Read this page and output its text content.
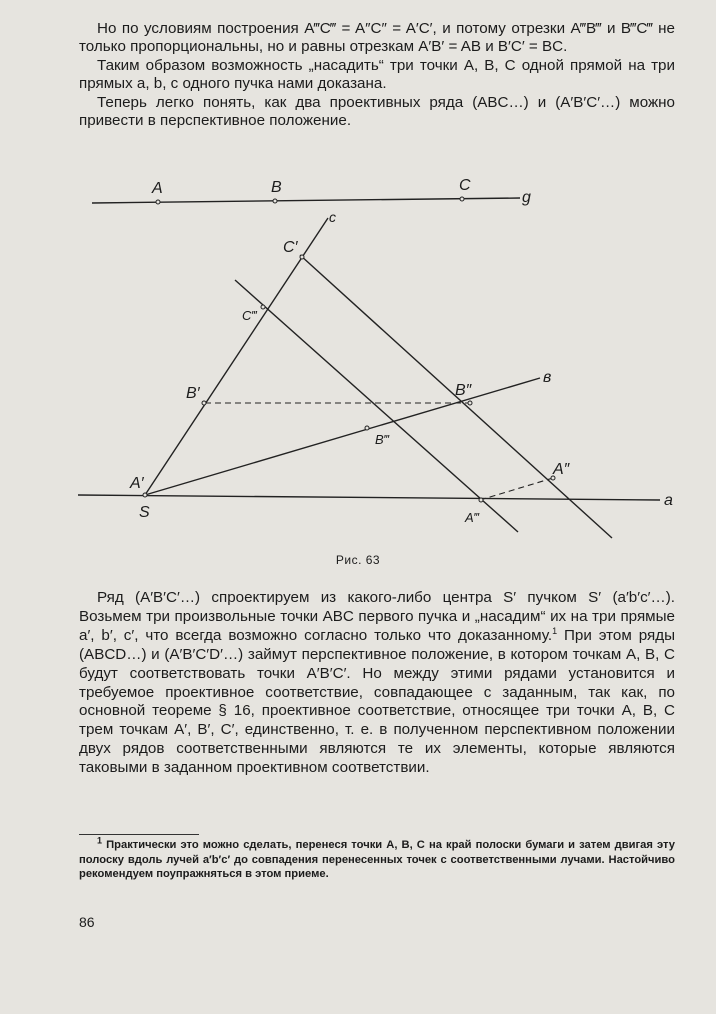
Но по условиям построения A‴C‴ = A″C″ = A′C′, и потому отрезки A‴B‴ и B‴C‴ не только пропорциональны, но и равны отрезкам A′B′ = AB и B′C′ = BC.

Таким образом возможность „насадить“ три точки A, B, C одной прямой на три прямых a, b, c одного пучка нами доказана.

Теперь легко понять, как два проективных ряда (ABC…) и (A′B′C′…) можно привести в перспективное положение.

A	B	C
g
c
C′
C‴
B′	B″
в
B‴
A′
A″
A‴
S
a
Рис. 63

Ряд (A′B′C′…) спроектируем из какого-либо центра S′ пучком S′ (a′b′c′…). Возьмем три произвольные точки ABC первого пучка и „насадим“ их на три прямые a′, b′, c′, что всегда возможно согласно только что доказанному.$^1$ При этом ряды (ABCD…) и (A′B′C′D′…) займут перспективное положение, в котором точкам A, B, C будут соответствовать точки A′B′C′. Но между этими рядами установится и требуемое проективное соответствие, совпадающее с заданным, так как, по основной теореме § 16, проективное соответствие, относящее три точки A, B, C трем точкам A′, B′, C′, единственно, т. е. в полученном перспективном положении двух рядов соответственными являются те их элементы, которые являются таковыми в заданном проективном соответствии.

$^1$ Практически это можно сделать, перенеся точки A, B, C на край полоски бумаги и затем двигая эту полоску вдоль лучей a′b′c′ до совпадения перенесенных точек с соответственными лучами. Настойчиво рекомендуем поупражняться в этом приеме.

86
